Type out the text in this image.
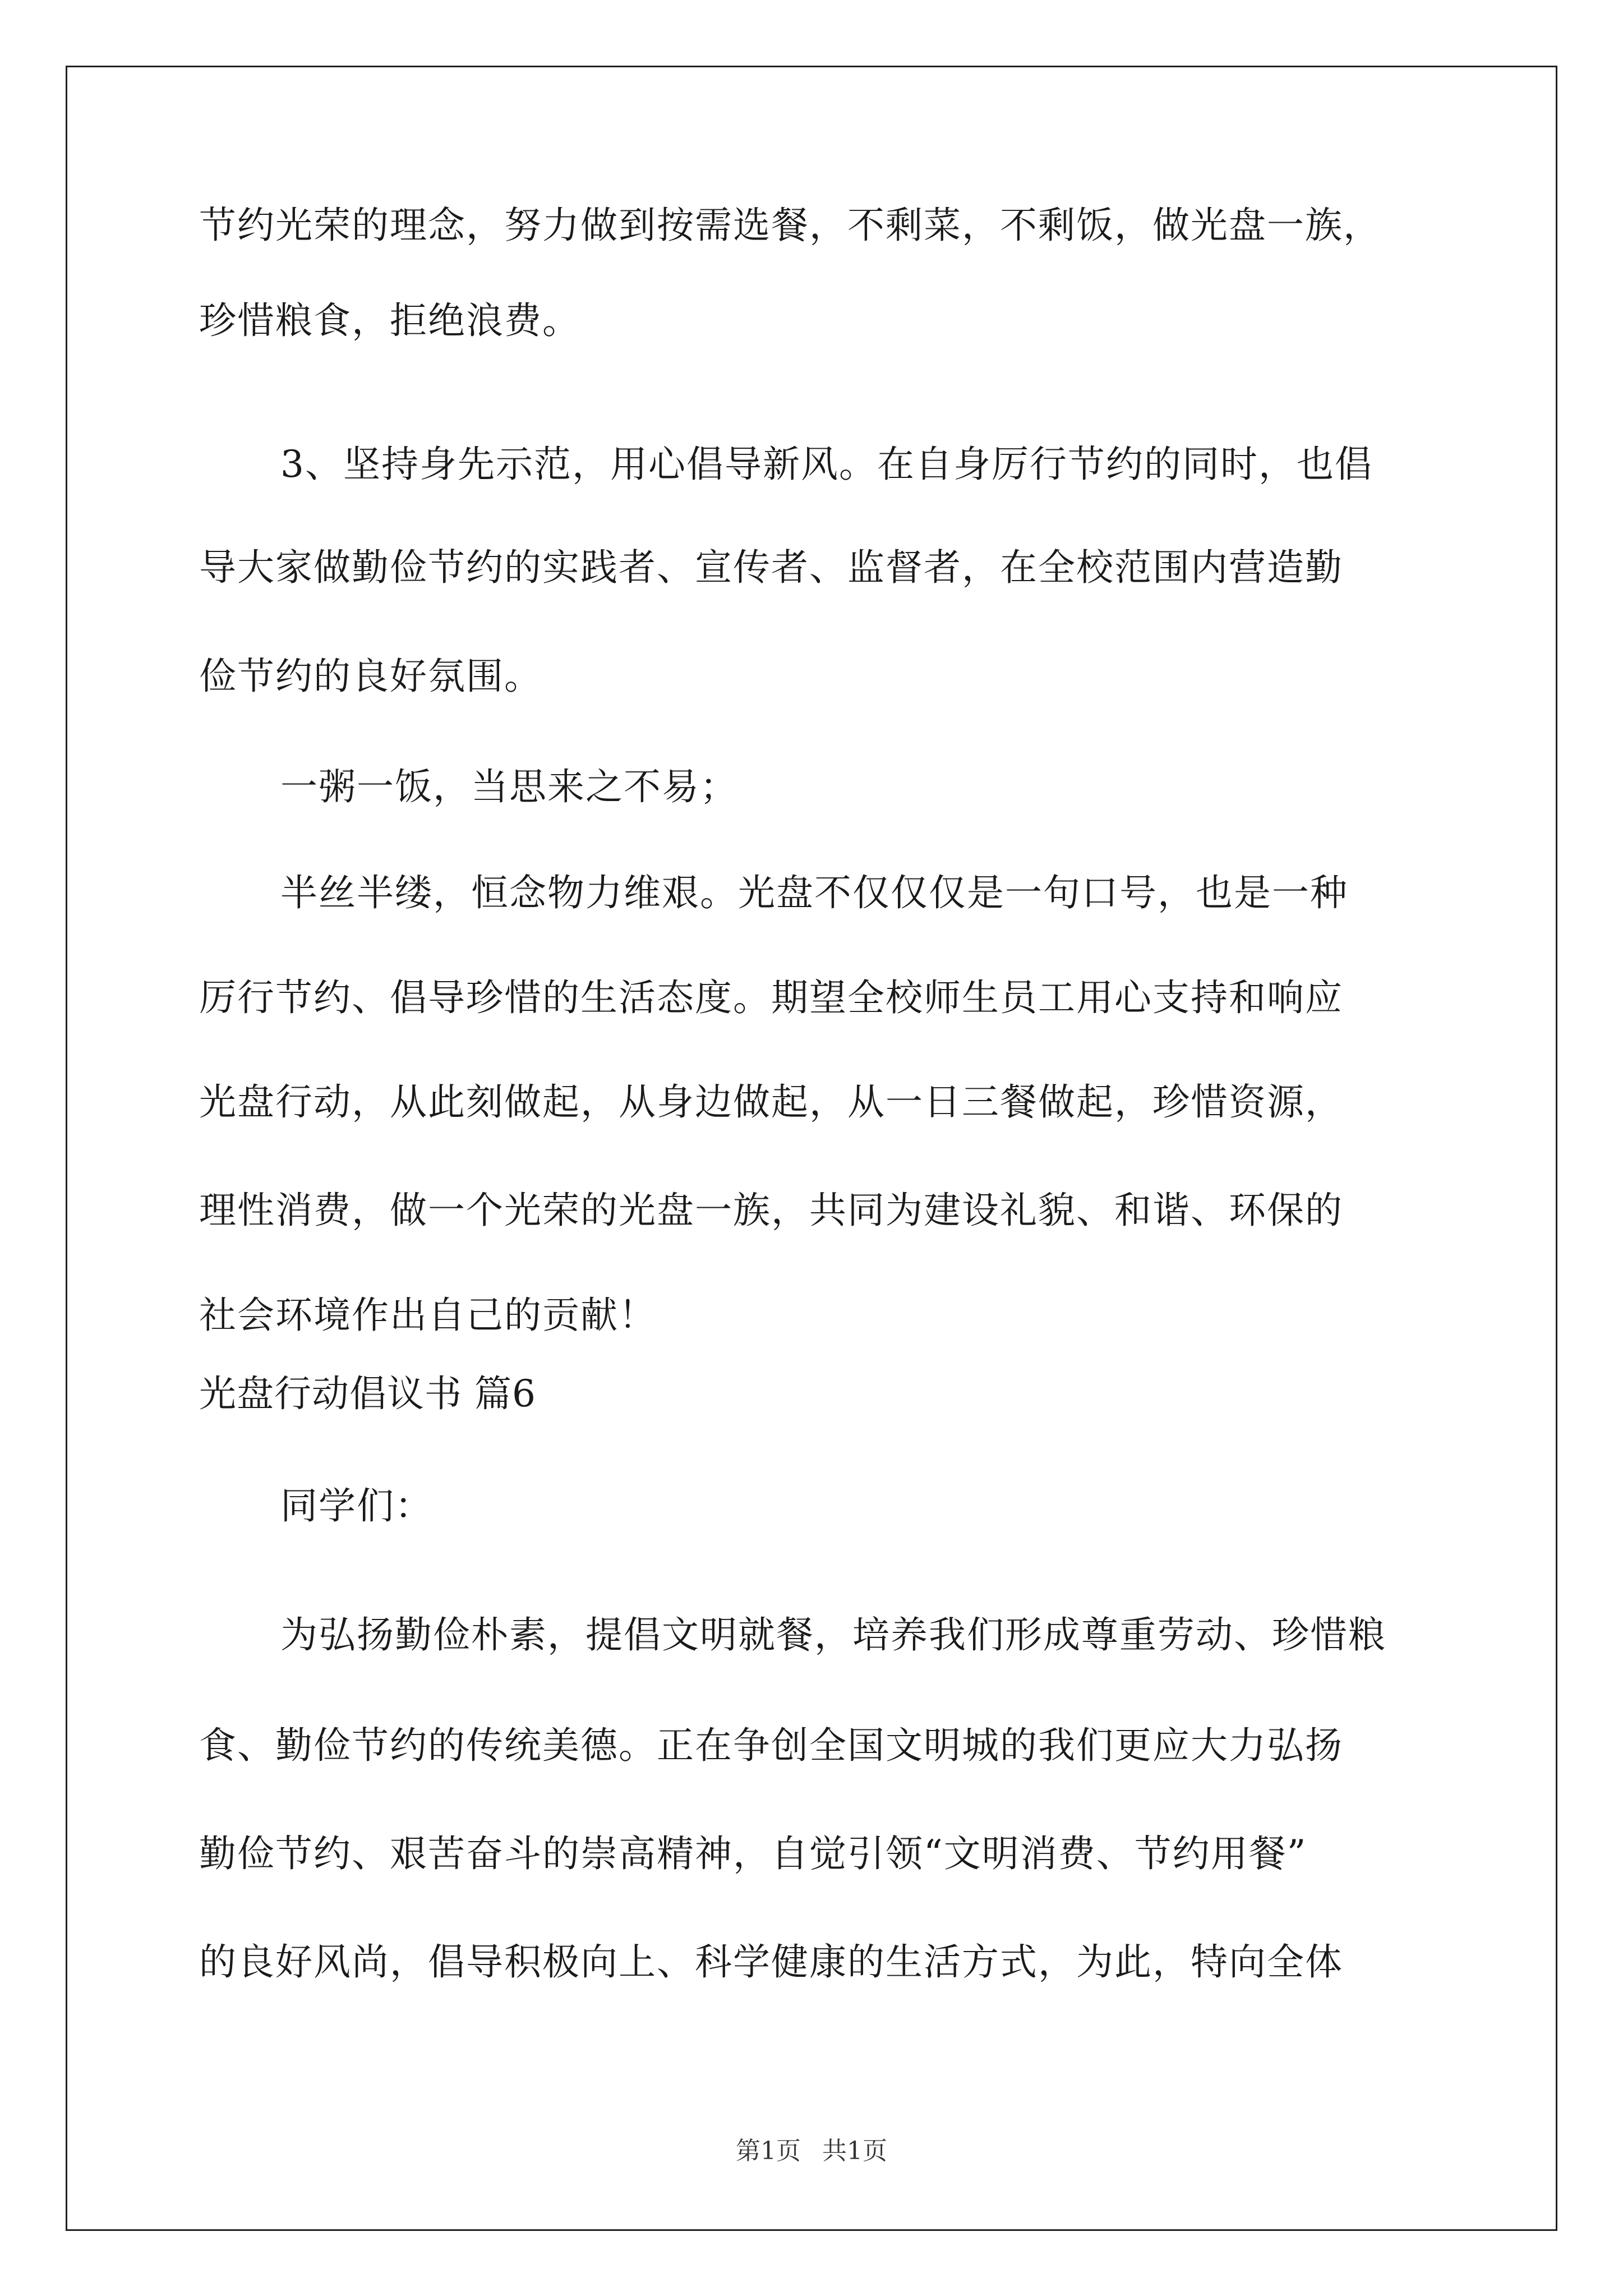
节约光荣的理念，努力做到按需选餐，不剩菜，不剩饭，做光盘一族，
珍惜粮食，拒绝浪费。
3、坚持身先示范，用心倡导新风。在自身厉行节约的同时，也倡
导大家做勤俭节约的实践者、宣传者、监督者，在全校范围内营造勤
俭节约的良好氛围。
一粥一饭，当思来之不易；
半丝半缕，恒念物力维艰。光盘不仅仅仅是一句口号，也是一种
厉行节约、倡导珍惜的生活态度。期望全校师生员工用心支持和响应
光盘行动，从此刻做起，从身边做起，从一日三餐做起，珍惜资源，
理性消费，做一个光荣的光盘一族，共同为建设礼貌、和谐、环保的
社会环境作出自己的贡献！
光盘行动倡议书 篇6
同学们：
为弘扬勤俭朴素，提倡文明就餐，培养我们形成尊重劳动、珍惜粮
食、勤俭节约的传统美德。正在争创全国文明城的我们更应大力弘扬
勤俭节约、艰苦奋斗的崇高精神，自觉引领“文明消费、节约用餐”
的良好风尚，倡导积极向上、科学健康的生活方式，为此，特向全体
第1页 共1页
